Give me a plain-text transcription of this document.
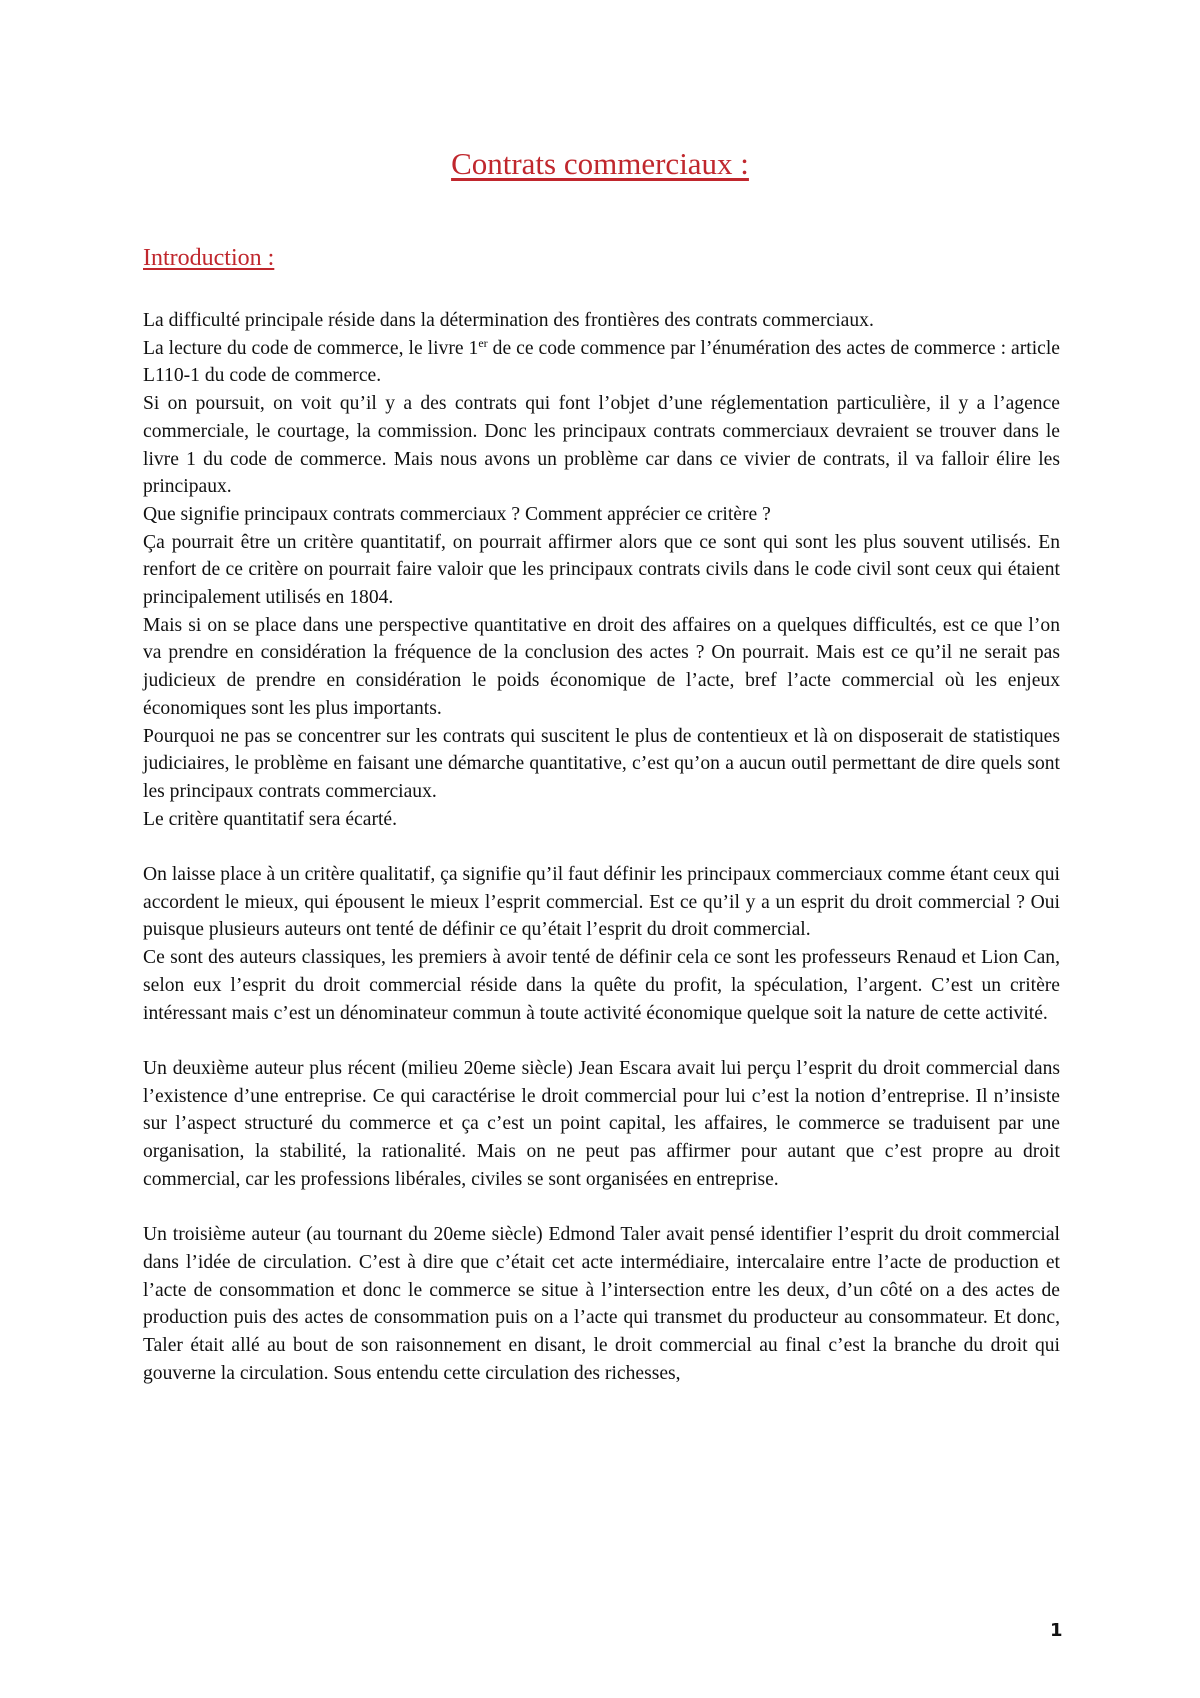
Contrats commerciaux :
Introduction :

La difficulté principale réside dans la détermination des frontières des contrats commerciaux.

La lecture du code de commerce, le livre 1er de ce code commence par l’énumération des actes de commerce : article L110-1 du code de commerce.

Si on poursuit, on voit qu’il y a des contrats qui font l’objet d’une réglementation particulière, il y a l’agence commerciale, le courtage, la commission. Donc les principaux contrats commerciaux devraient se trouver dans le livre 1 du code de commerce. Mais nous avons un problème car dans ce vivier de contrats, il va falloir élire les principaux.

Que signifie principaux contrats commerciaux ? Comment apprécier ce critère ?

Ça pourrait être un critère quantitatif, on pourrait affirmer alors que ce sont qui sont les plus souvent utilisés. En renfort de ce critère on pourrait faire valoir que les principaux contrats civils dans le code civil sont ceux qui étaient principalement utilisés en 1804.

Mais si on se place dans une perspective quantitative en droit des affaires on a quelques difficultés, est ce que l’on va prendre en considération la fréquence de la conclusion des actes ? On pourrait. Mais est ce qu’il ne serait pas judicieux de prendre en considération le poids économique de l’acte, bref l’acte commercial où les enjeux économiques sont les plus importants.

Pourquoi ne pas se concentrer sur les contrats qui suscitent le plus de contentieux et là on disposerait de statistiques judiciaires, le problème en faisant une démarche quantitative, c’est qu’on a aucun outil permettant de dire quels sont les principaux contrats commerciaux.

Le critère quantitatif sera écarté.

On laisse place à un critère qualitatif, ça signifie qu’il faut définir les principaux commerciaux comme étant ceux qui accordent le mieux, qui épousent le mieux l’esprit commercial. Est ce qu’il y a un esprit du droit commercial ? Oui puisque plusieurs auteurs ont tenté de définir ce qu’était l’esprit du droit commercial.

Ce sont des auteurs classiques, les premiers à avoir tenté de définir cela ce sont les professeurs Renaud et Lion Can, selon eux l’esprit du droit commercial réside dans la quête du profit, la spéculation, l’argent. C’est un critère intéressant mais c’est un dénominateur commun à toute activité économique quelque soit la nature de cette activité.

Un deuxième auteur plus récent (milieu 20eme siècle) Jean Escara avait lui perçu l’esprit du droit commercial dans l’existence d’une entreprise. Ce qui caractérise le droit commercial pour lui c’est la notion d’entreprise. Il n’insiste sur l’aspect structuré du commerce et ça c’est un point capital, les affaires, le commerce se traduisent par une organisation, la stabilité, la rationalité. Mais on ne peut pas affirmer pour autant que c’est propre au droit commercial, car les professions libérales, civiles se sont organisées en entreprise.

Un troisième auteur (au tournant du 20eme siècle) Edmond Taler avait pensé identifier l’esprit du droit commercial dans l’idée de circulation. C’est à dire que c’était cet acte intermédiaire, intercalaire entre l’acte de production et l’acte de consommation et donc le commerce se situe à l’intersection entre les deux, d’un côté on a des actes de production puis des actes de consommation puis on a l’acte qui transmet du producteur au consommateur. Et donc, Taler était allé au bout de son raisonnement en disant, le droit commercial au final c’est la branche du droit qui gouverne la circulation. Sous entendu cette circulation des richesses,

1
